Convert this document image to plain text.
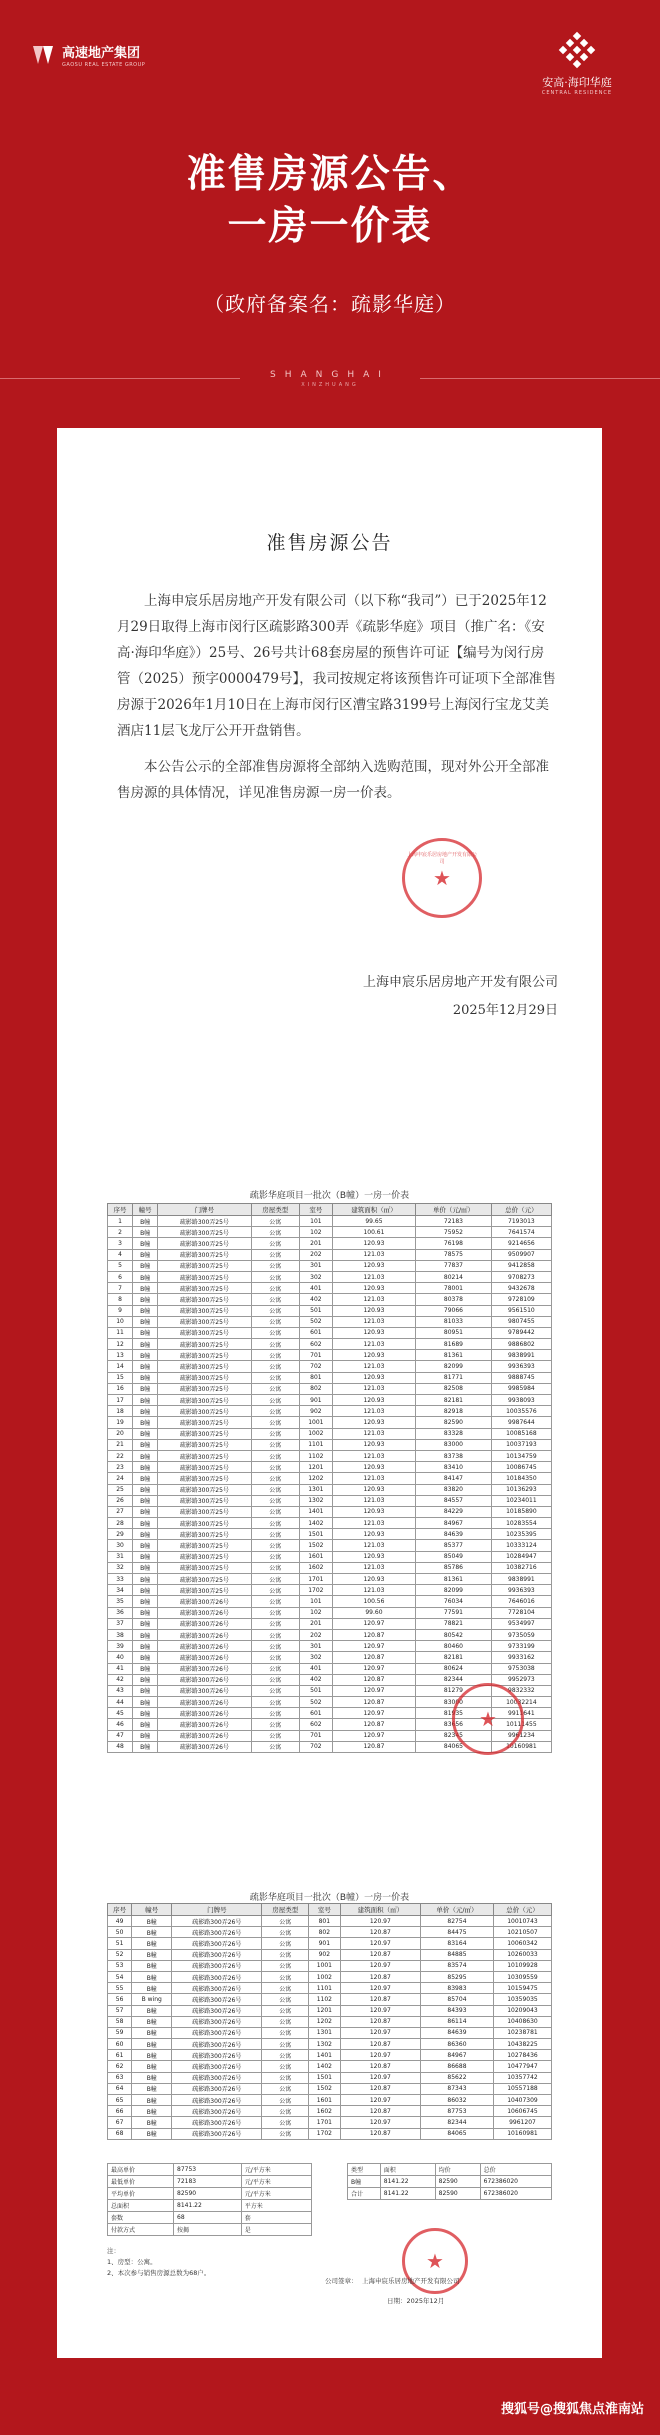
高速地产集团
GAOSU REAL ESTATE GROUP
安高·海印华庭
CENTRAL RESIDENCE
准售房源公告、
一房一价表
（政府备案名：疏影华庭）
SHANGHAI
XINZHUANG
准售房源公告

上海申宸乐居房地产开发有限公司（以下称“我司”）已于2025年12月29日取得上海市闵行区疏影路300弄《疏影华庭》项目（推广名：《安高·海印华庭》）25号、26号共计68套房屋的预售许可证【编号为闵行房管（2025）预字0000479号】，我司按规定将该预售许可证项下全部准售房源于2026年1月10日在上海市闵行区漕宝路3199号上海闵行宝龙艾美酒店11层飞龙厅公开开盘销售。

本公告公示的全部准售房源将全部纳入选购范围，现对外公开全部准售房源的具体情况，详见准售房源一房一价表。

上海申宸乐居房地产开发有限公司
★
上海申宸乐居房地产开发有限公司
2025年12月29日
疏影华庭项目一批次（B幢）一房一价表
序号	幢号	门牌号	房屋类型	室号	建筑面积（㎡）	单价（元/㎡）	总价（元）
1	B幢	疏影路300弄25号	公寓	101	99.65	72183	7193013
2	B幢	疏影路300弄25号	公寓	102	100.61	75952	7641574
3	B幢	疏影路300弄25号	公寓	201	120.93	76198	9214656
4	B幢	疏影路300弄25号	公寓	202	121.03	78575	9509907
5	B幢	疏影路300弄25号	公寓	301	120.93	77837	9412858
6	B幢	疏影路300弄25号	公寓	302	121.03	80214	9708273
7	B幢	疏影路300弄25号	公寓	401	120.93	78001	9432678
8	B幢	疏影路300弄25号	公寓	402	121.03	80378	9728109
9	B幢	疏影路300弄25号	公寓	501	120.93	79066	9561510
10	B幢	疏影路300弄25号	公寓	502	121.03	81033	9807455
11	B幢	疏影路300弄25号	公寓	601	120.93	80951	9789442
12	B幢	疏影路300弄25号	公寓	602	121.03	81689	9886802
13	B幢	疏影路300弄25号	公寓	701	120.93	81361	9838991
14	B幢	疏影路300弄25号	公寓	702	121.03	82099	9936393
15	B幢	疏影路300弄25号	公寓	801	120.93	81771	9888745
16	B幢	疏影路300弄25号	公寓	802	121.03	82508	9985984
17	B幢	疏影路300弄25号	公寓	901	120.93	82181	9938093
18	B幢	疏影路300弄25号	公寓	902	121.03	82918	10035576
19	B幢	疏影路300弄25号	公寓	1001	120.93	82590	9987644
20	B幢	疏影路300弄25号	公寓	1002	121.03	83328	10085168
21	B幢	疏影路300弄25号	公寓	1101	120.93	83000	10037193
22	B幢	疏影路300弄25号	公寓	1102	121.03	83738	10134759
23	B幢	疏影路300弄25号	公寓	1201	120.93	83410	10086745
24	B幢	疏影路300弄25号	公寓	1202	121.03	84147	10184350
25	B幢	疏影路300弄25号	公寓	1301	120.93	83820	10136293
26	B幢	疏影路300弄25号	公寓	1302	121.03	84557	10234011
27	B幢	疏影路300弄25号	公寓	1401	120.93	84229	10185890
28	B幢	疏影路300弄25号	公寓	1402	121.03	84967	10283554
29	B幢	疏影路300弄25号	公寓	1501	120.93	84639	10235395
30	B幢	疏影路300弄25号	公寓	1502	121.03	85377	10333124
31	B幢	疏影路300弄25号	公寓	1601	120.93	85049	10284947
32	B幢	疏影路300弄25号	公寓	1602	121.03	85786	10382716
33	B幢	疏影路300弄25号	公寓	1701	120.93	81361	9838991
34	B幢	疏影路300弄25号	公寓	1702	121.03	82099	9936393
35	B幢	疏影路300弄26号	公寓	101	100.56	76034	7646016
36	B幢	疏影路300弄26号	公寓	102	99.60	77591	7728104
37	B幢	疏影路300弄26号	公寓	201	120.97	78821	9534997
38	B幢	疏影路300弄26号	公寓	202	120.87	80542	9735059
39	B幢	疏影路300弄26号	公寓	301	120.97	80460	9733199
40	B幢	疏影路300弄26号	公寓	302	120.87	82181	9933162
41	B幢	疏影路300弄26号	公寓	401	120.97	80624	9753038
42	B幢	疏影路300弄26号	公寓	402	120.87	82344	9952973
43	B幢	疏影路300弄26号	公寓	501	120.97	81279	9832332
44	B幢	疏影路300弄26号	公寓	502	120.87	83000	10032214
45	B幢	疏影路300弄26号	公寓	601	120.97	81935	9911641
46	B幢	疏影路300弄26号	公寓	602	120.87	83656	10111455
47	B幢	疏影路300弄26号	公寓	701	120.97	82345	9961234
48	B幢	疏影路300弄26号	公寓	702	120.87	84065	10160981
★
疏影华庭项目一批次（B幢）一房一价表
序号	幢号	门牌号	房屋类型	室号	建筑面积（㎡）	单价（元/㎡）	总价（元）
49	B幢	疏影路300弄26号	公寓	801	120.97	82754	10010743
50	B幢	疏影路300弄26号	公寓	802	120.87	84475	10210507
51	B幢	疏影路300弄26号	公寓	901	120.97	83164	10060342
52	B幢	疏影路300弄26号	公寓	902	120.87	84885	10260033
53	B幢	疏影路300弄26号	公寓	1001	120.97	83574	10109928
54	B幢	疏影路300弄26号	公寓	1002	120.87	85295	10309559
55	B幢	疏影路300弄26号	公寓	1101	120.97	83983	10159475
56	B wing	疏影路300弄26号	公寓	1102	120.87	85704	10359035
57	B幢	疏影路300弄26号	公寓	1201	120.97	84393	10209043
58	B幢	疏影路300弄26号	公寓	1202	120.87	86114	10408630
59	B幢	疏影路300弄26号	公寓	1301	120.97	84639	10238781
60	B幢	疏影路300弄26号	公寓	1302	120.87	86360	10438225
61	B幢	疏影路300弄26号	公寓	1401	120.97	84967	10278436
62	B幢	疏影路300弄26号	公寓	1402	120.87	86688	10477947
63	B幢	疏影路300弄26号	公寓	1501	120.97	85622	10357742
64	B幢	疏影路300弄26号	公寓	1502	120.87	87343	10557188
65	B幢	疏影路300弄26号	公寓	1601	120.97	86032	10407309
66	B幢	疏影路300弄26号	公寓	1602	120.87	87753	10606745
67	B幢	疏影路300弄26号	公寓	1701	120.97	82344	9961207
68	B幢	疏影路300弄26号	公寓	1702	120.87	84065	10160981
最高单价	87753	元/平方米
最低单价	72183	元/平方米
平均单价	82590	元/平方米
总面积	8141.22	平方米
套数	68	套
付款方式	按揭	是
类型	面积	均价	总价
B幢	8141.22	82590	672386020
合计	8141.22	82590	672386020
注：
1、房型：公寓。
2、本次参与销售房源总数为68户。	★
公司签章： 上海申宸乐居房地产开发有限公司
日期：2025年12月
搜狐号@搜狐焦点淮南站
